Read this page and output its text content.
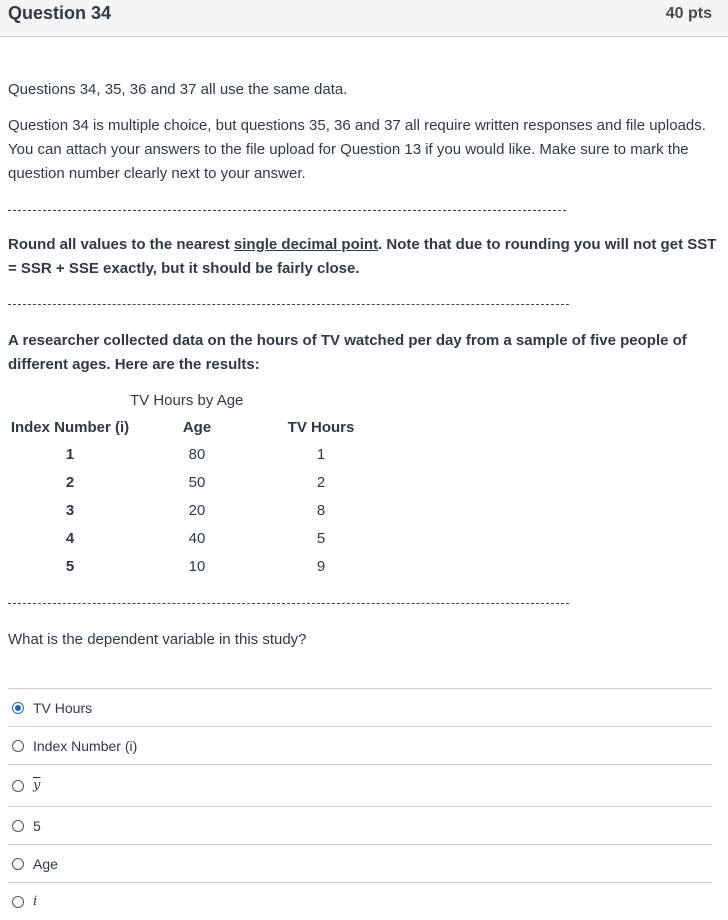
Question 34	40 pts
Questions 34, 35, 36 and 37 all use the same data.
Question 34 is multiple choice, but questions 35, 36 and 37 all require written responses and file uploads. You can attach your answers to the file upload for Question 13 if you would like. Make sure to mark the question number clearly next to your answer.
Round all values to the nearest single decimal point. Note that due to rounding you will not get SST = SSR + SSE exactly, but it should be fairly close.
A researcher collected data on the hours of TV watched per day from a sample of five people of different ages. Here are the results:
TV Hours by Age
Index Number (i)	Age	TV Hours
1	80	1
2	50	2
3	20	8
4	40	5
5	10	9
What is the dependent variable in this study?
TV Hours
Index Number (i)
$\overline{y}$
5
Age
i
